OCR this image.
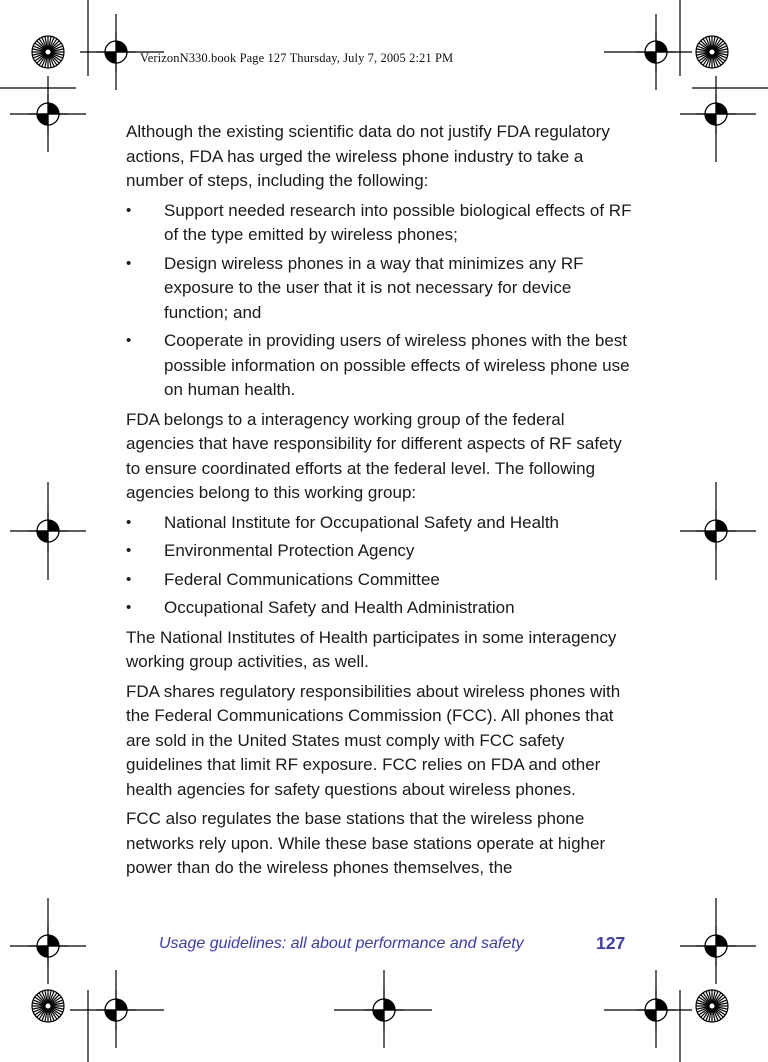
VerizonN330.book Page 127 Thursday, July 7, 2005 2:21 PM

Although the existing scientific data do not justify FDA regulatory actions, FDA has urged the wireless phone industry to take a number of steps, including the following:

• Support needed research into possible biological effects of RF of the type emitted by wireless phones;
• Design wireless phones in a way that minimizes any RF exposure to the user that it is not necessary for device function; and
• Cooperate in providing users of wireless phones with the best possible information on possible effects of wireless phone use on human health.

FDA belongs to a interagency working group of the federal agencies that have responsibility for different aspects of RF safety to ensure coordinated efforts at the federal level. The following agencies belong to this working group:

• National Institute for Occupational Safety and Health
• Environmental Protection Agency
• Federal Communications Committee
• Occupational Safety and Health Administration

The National Institutes of Health participates in some interagency working group activities, as well.

FDA shares regulatory responsibilities about wireless phones with the Federal Communications Commission (FCC). All phones that are sold in the United States must comply with FCC safety guidelines that limit RF exposure. FCC relies on FDA and other health agencies for safety questions about wireless phones.

FCC also regulates the base stations that the wireless phone networks rely upon. While these base stations operate at higher power than do the wireless phones themselves, the

Usage guidelines: all about performance and safety	127
